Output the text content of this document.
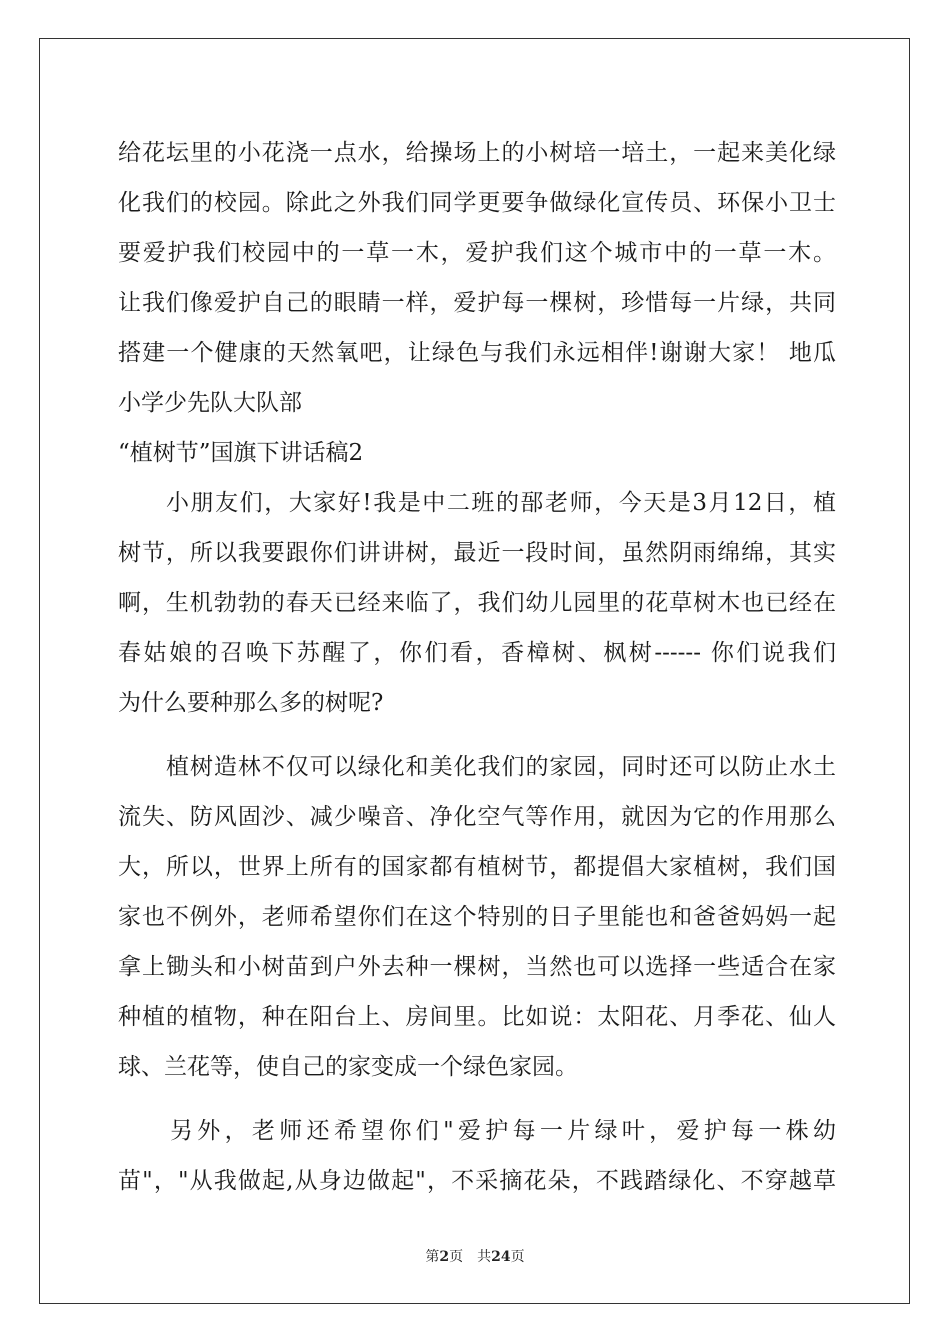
给花坛里的小花浇一点水，给操场上的小树培一培土，一起来美化绿
化我们的校园。除此之外我们同学更要争做绿化宣传员、环保小卫士
要爱护我们校园中的一草一木，爱护我们这个城市中的一草一木。
让我们像爱护自己的眼睛一样，爱护每一棵树，珍惜每一片绿，共同
搭建一个健康的天然氧吧，让绿色与我们永远相伴!谢谢大家！ 地瓜
小学少先队大队部
“植树节”国旗下讲话稿2
小朋友们，大家好!我是中二班的郚老师，今天是3月12日，植
树节，所以我要跟你们讲讲树，最近一段时间，虽然阴雨绵绵，其实
啊，生机勃勃的春天已经来临了，我们幼儿园里的花草树木也已经在
春姑娘的召唤下苏醒了，你们看，香樟树、枫树------ 你们说我们
为什么要种那么多的树呢?
植树造林不仅可以绿化和美化我们的家园，同时还可以防止水土
流失、防风固沙、减少噪音、净化空气等作用，就因为它的作用那么
大，所以，世界上所有的国家都有植树节，都提倡大家植树，我们国
家也不例外，老师希望你们在这个特别的日子里能也和爸爸妈妈一起
拿上锄头和小树苗到户外去种一棵树，当然也可以选择一些适合在家
种植的植物，种在阳台上、房间里。比如说：太阳花、月季花、仙人
球、兰花等，使自己的家变成一个绿色家园。
另外，老师还希望你们"爱护每一片绿叶，爱护每一株幼
苗"，"从我做起,从身边做起"，不采摘花朵，不践踏绿化、不穿越草
第2页 共24页
